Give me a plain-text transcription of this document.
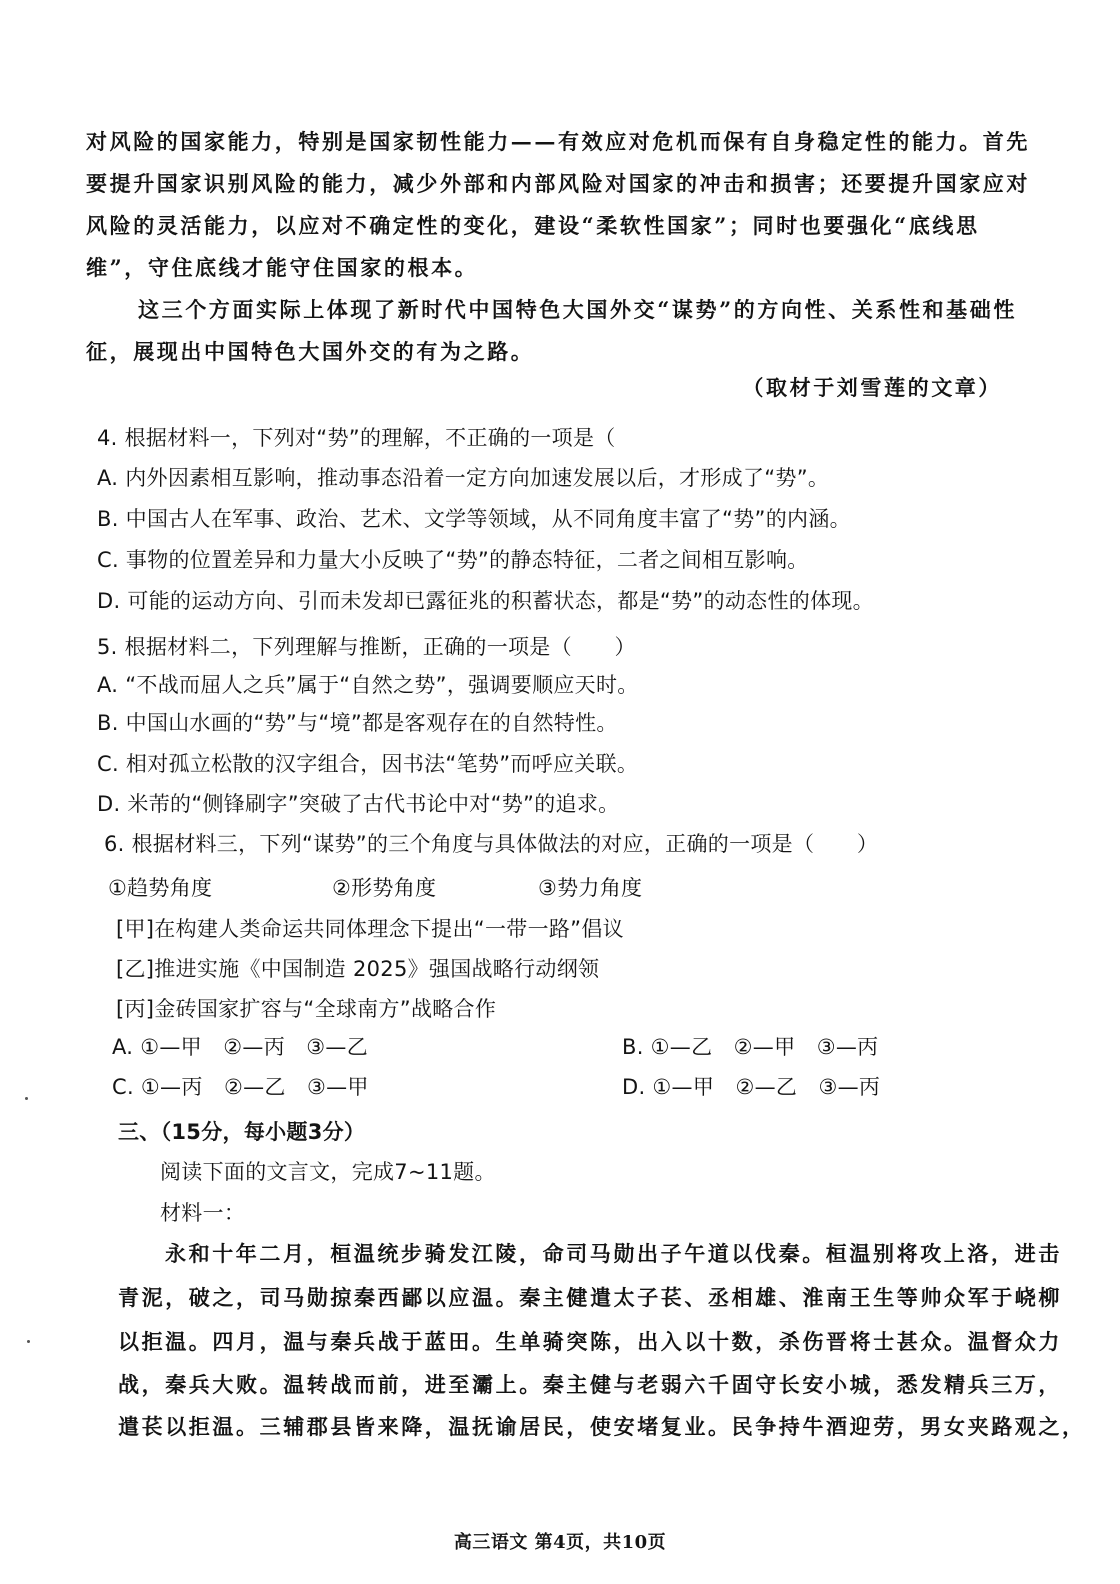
对风险的国家能力，特别是国家韧性能力——有效应对危机而保有自身稳定性的能力。首先
要提升国家识别风险的能力，减少外部和内部风险对国家的冲击和损害；还要提升国家应对
风险的灵活能力，以应对不确定性的变化，建设“柔软性国家”；同时也要强化“底线思
维”，守住底线才能守住国家的根本。
这三个方面实际上体现了新时代中国特色大国外交“谋势”的方向性、关系性和基础性
征，展现出中国特色大国外交的有为之路。
（取材于刘雪莲的文章）
4. 根据材料一，下列对“势”的理解，不正确的一项是（
A. 内外因素相互影响，推动事态沿着一定方向加速发展以后，才形成了“势”。
B. 中国古人在军事、政治、艺术、文学等领域，从不同角度丰富了“势”的内涵。
C. 事物的位置差异和力量大小反映了“势”的静态特征，二者之间相互影响。
D. 可能的运动方向、引而未发却已露征兆的积蓄状态，都是“势”的动态性的体现。
5. 根据材料二，下列理解与推断，正确的一项是（　　）
A. “不战而屈人之兵”属于“自然之势”，强调要顺应天时。
B. 中国山水画的“势”与“境”都是客观存在的自然特性。
C. 相对孤立松散的汉字组合，因书法“笔势”而呼应关联。
D. 米芾的“侧锋刷字”突破了古代书论中对“势”的追求。
6. 根据材料三，下列“谋势”的三个角度与具体做法的对应，正确的一项是（　　）
①趋势角度	②形势角度	③势力角度
[甲]在构建人类命运共同体理念下提出“一带一路”倡议
[乙]推进实施《中国制造 2025》强国战略行动纲领
[丙]金砖国家扩容与“全球南方”战略合作
A. ①—甲　②—丙　③—乙	B. ①—乙　②—甲　③—丙
C. ①—丙　②—乙　③—甲	D. ①—甲　②—乙　③—丙
三、（15分，每小题3分）
阅读下面的文言文，完成7~11题。
材料一：
永和十年二月，桓温统步骑发江陵，命司马勋出子午道以伐秦。桓温别将攻上洛，进击
青泥，破之，司马勋掠秦西鄙以应温。秦主健遣太子苌、丞相雄、淮南王生等帅众军于峣柳
以拒温。四月，温与秦兵战于蓝田。生单骑突陈，出入以十数，杀伤晋将士甚众。温督众力
战，秦兵大败。温转战而前，进至灞上。秦主健与老弱六千固守长安小城，悉发精兵三万，
遣苌以拒温。三辅郡县皆来降，温抚谕居民，使安堵复业。民争持牛酒迎劳，男女夹路观之，
高三语文 第4页，共10页
